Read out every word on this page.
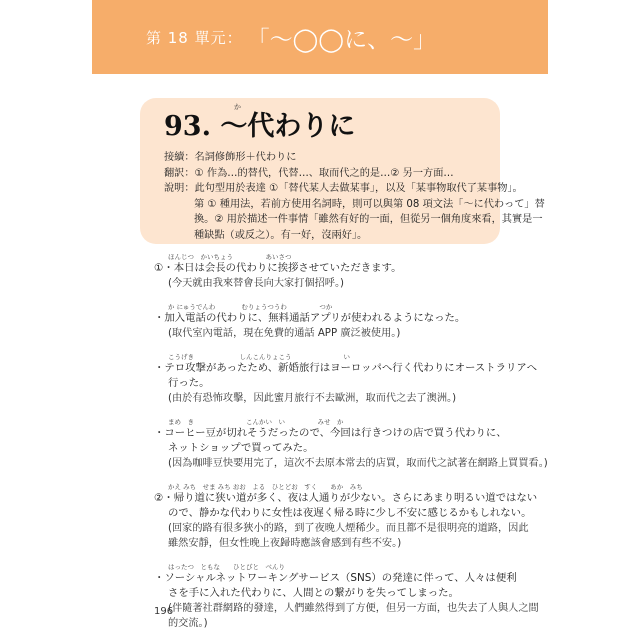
第 18 單元： 「～◯◯に、～」
か
93. ～代わりに
接續：名詞修飾形＋代わりに
翻訳：① 作為…的替代，代替…、取而代之的是…② 另一方面…
說明：此句型用於表達 ①「替代某人去做某事」，以及「某事物取代了某事物」。
第 ① 種用法，若前方使用名詞時，則可以與第 08 項文法「～に代わって」替
換。② 用於描述一件事情「雖然有好的一面，但從另一個角度來看，其實是一
種缺點（或反之）。有一好，沒兩好」。
ほんじつ　かいちょう　　　　　あいさつ
①・本日は会長の代わりに挨拶させていただきます。
(今天就由我來替會長向大家打個招呼。)
か にゅうでんわ　　　　むりょうつうわ　　　　　つか
・加入電話の代わりに、無料通話アプリが使われるようになった。
(取代室內電話，現在免費的通話 APP 廣泛被使用。)
こうげき　　　　　　　しんこんりょこう　　　　　　　　い
・テロ攻撃があったため、新婚旅行はヨーロッパへ行く代わりにオーストラリアへ
行った。
(由於有恐怖攻擊，因此蜜月旅行不去歐洲，取而代之去了澳洲。)
まめ　き　　　　　　　　こんかい　い　　　　　みせ　か
・コーヒー豆が切れそうだったので、今回は行きつけの店で買う代わりに、
ネットショップで買ってみた。
(因為咖啡豆快要用完了，這次不去原本常去的店買，取而代之試著在網路上買買看。)
かえ みち　せま みち おお　よる　ひとどお　すく　　あか　みち
②・帰り道に狭い道が多く、夜は人通りが少ない。さらにあまり明るい道ではない
ので、静かな代わりに女性は夜遅く帰る時に少し不安に感じるかもしれない。
(回家的路有很多狹小的路，到了夜晚人煙稀少。而且都不是很明亮的道路，因此
雖然安靜，但女性晚上夜歸時應該會感到有些不安。)
はったつ　ともな　　ひとびと　べんり
・ソーシャルネットワーキングサービス（SNS）の発達に伴って、人々は便利
さを手に入れた代わりに、人間との繋がりを失ってしまった。
(伴隨著社群網路的發達，人們雖然得到了方便，但另一方面，也失去了人與人之間
的交流。)
196
